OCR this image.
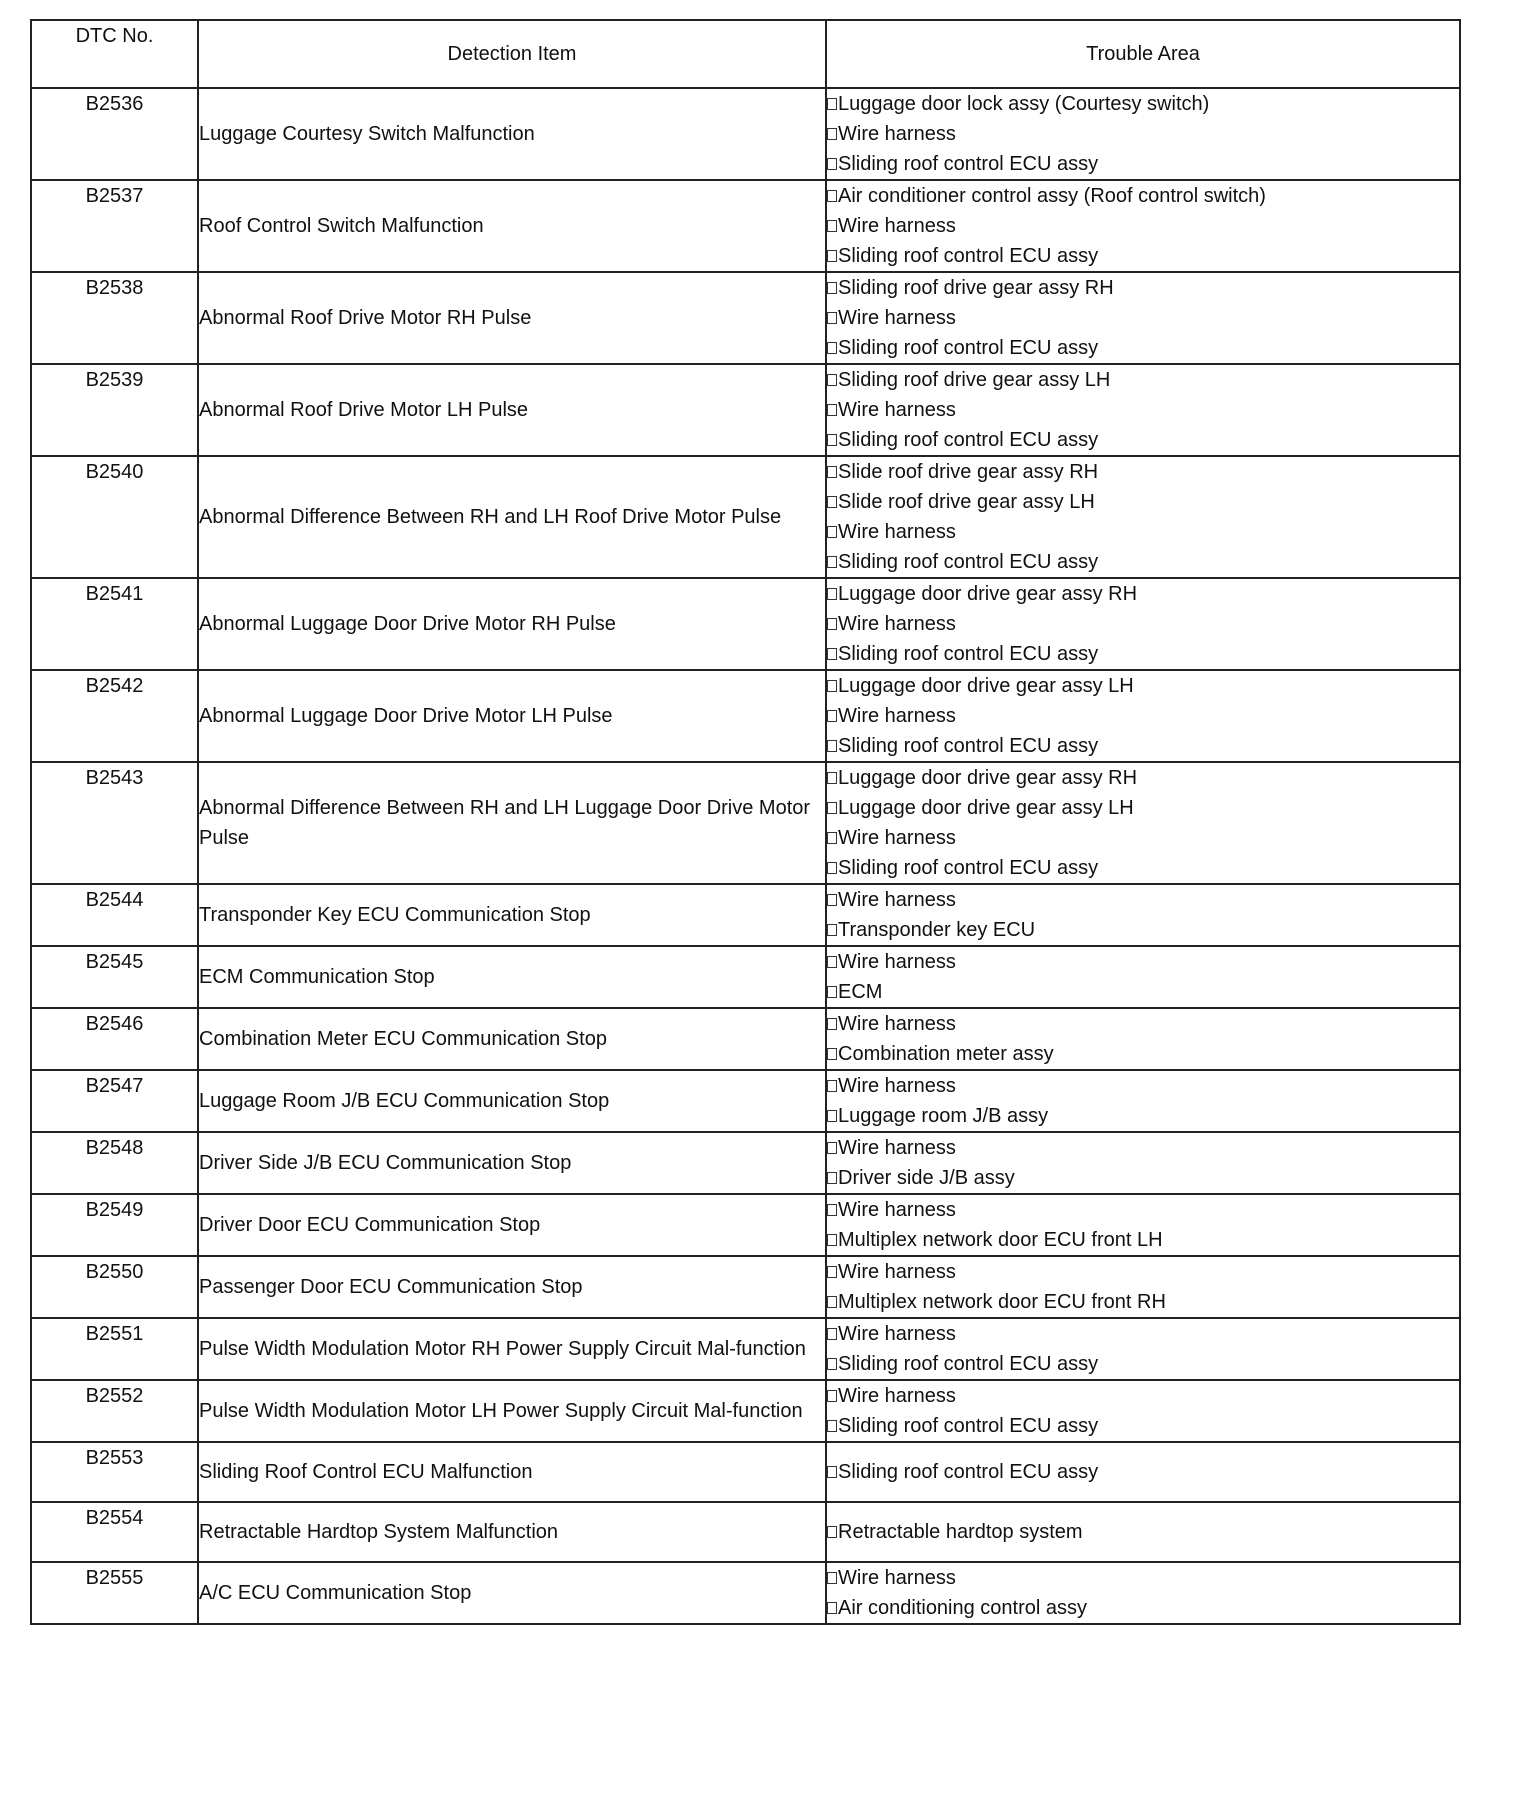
DTC No.	Detection Item	Trouble Area
B2536	Luggage Courtesy Switch Malfunction	Luggage door lock assy (Courtesy switch)
Wire harness
Sliding roof control ECU assy

B2537	Roof Control Switch Malfunction	Air conditioner control assy (Roof control switch)
Wire harness
Sliding roof control ECU assy

B2538	Abnormal Roof Drive Motor RH Pulse	Sliding roof drive gear assy RH
Wire harness
Sliding roof control ECU assy

B2539	Abnormal Roof Drive Motor LH Pulse	Sliding roof drive gear assy LH
Wire harness
Sliding roof control ECU assy

B2540	Abnormal Difference Between RH and LH Roof Drive Motor Pulse	Slide roof drive gear assy RH
Slide roof drive gear assy LH
Wire harness
Sliding roof control ECU assy

B2541	Abnormal Luggage Door Drive Motor RH Pulse	Luggage door drive gear assy RH
Wire harness
Sliding roof control ECU assy

B2542	Abnormal Luggage Door Drive Motor LH Pulse	Luggage door drive gear assy LH
Wire harness
Sliding roof control ECU assy

B2543	Abnormal Difference Between RH and LH Luggage Door Drive Motor Pulse	Luggage door drive gear assy RH
Luggage door drive gear assy LH
Wire harness
Sliding roof control ECU assy

B2544	Transponder Key ECU Communication Stop	Wire harness
Transponder key ECU

B2545	ECM Communication Stop	Wire harness
ECM

B2546	Combination Meter ECU Communication Stop	Wire harness
Combination meter assy

B2547	Luggage Room J/B ECU Communication Stop	Wire harness
Luggage room J/B assy

B2548	Driver Side J/B ECU Communication Stop	Wire harness
Driver side J/B assy

B2549	Driver Door ECU Communication Stop	Wire harness
Multiplex network door ECU front LH

B2550	Passenger Door ECU Communication Stop	Wire harness
Multiplex network door ECU front RH

B2551	Pulse Width Modulation Motor RH Power Supply Circuit Mal-function	Wire harness
Sliding roof control ECU assy

B2552	Pulse Width Modulation Motor LH Power Supply Circuit Mal-function	Wire harness
Sliding roof control ECU assy

B2553	Sliding Roof Control ECU Malfunction	Sliding roof control ECU assy

B2554	Retractable Hardtop System Malfunction	Retractable hardtop system

B2555	A/C ECU Communication Stop	Wire harness
Air conditioning control assy
